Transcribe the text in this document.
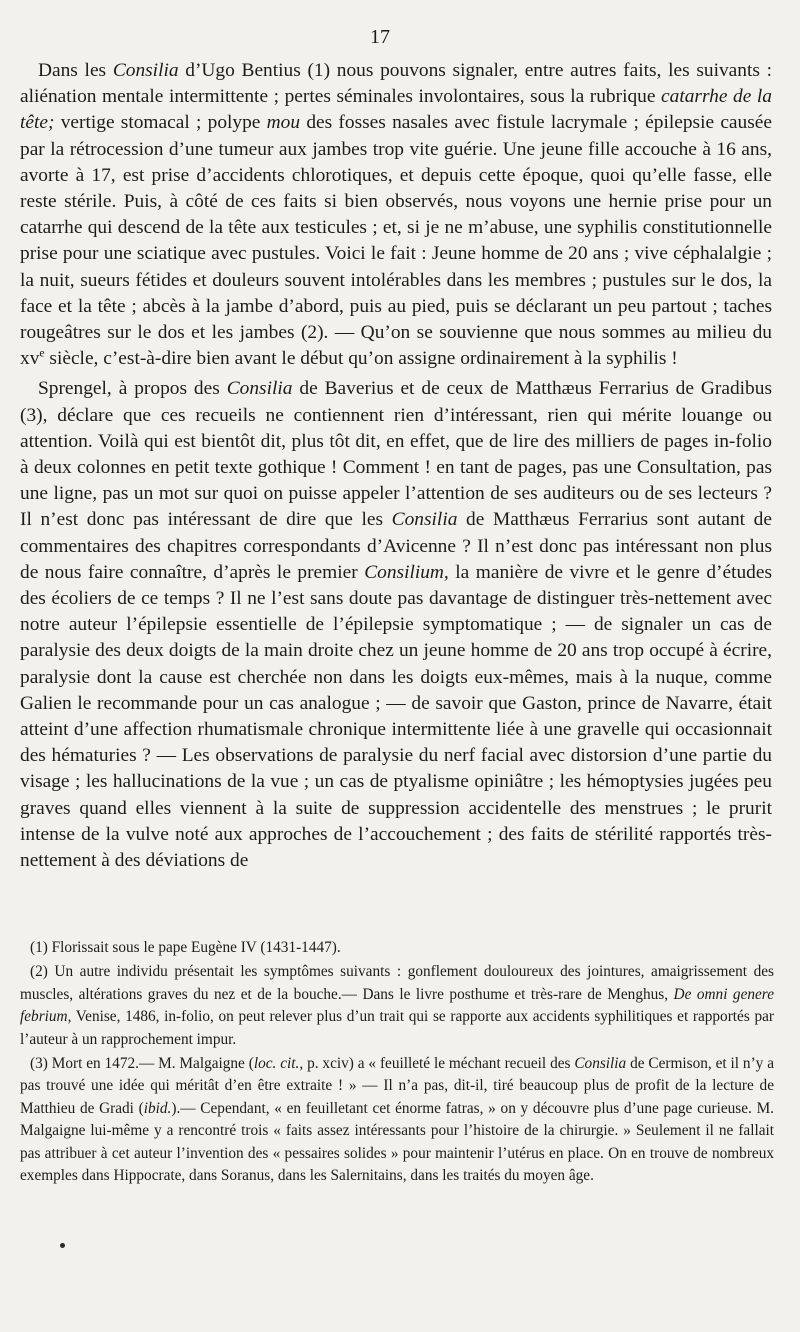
17

Dans les Consilia d’Ugo Bentius (1) nous pouvons signaler, entre autres faits, les suivants : aliénation mentale intermittente ; pertes séminales involontaires, sous la rubrique catarrhe de la tête; vertige stomacal ; polype mou des fosses nasales avec fistule lacrymale ; épilepsie causée par la rétrocession d’une tumeur aux jambes trop vite guérie. Une jeune fille accouche à 16 ans, avorte à 17, est prise d’accidents chlorotiques, et depuis cette époque, quoi qu’elle fasse, elle reste stérile. Puis, à côté de ces faits si bien observés, nous voyons une hernie prise pour un catarrhe qui descend de la tête aux testicules ; et, si je ne m’abuse, une syphilis constitutionnelle prise pour une sciatique avec pustules. Voici le fait : Jeune homme de 20 ans ; vive céphalalgie ; la nuit, sueurs fétides et douleurs souvent intolérables dans les membres ; pustules sur le dos, la face et la tête ; abcès à la jambe d’abord, puis au pied, puis se déclarant un peu partout ; taches rougeâtres sur le dos et les jambes (2). — Qu’on se souvienne que nous sommes au milieu du $xv^e$ siècle, c’est-à-dire bien avant le début qu’on assigne ordinairement à la syphilis !

Sprengel, à propos des Consilia de Baverius et de ceux de Matthæus Ferrarius de Gradibus (3), déclare que ces recueils ne contiennent rien d’intéressant, rien qui mérite louange ou attention. Voilà qui est bientôt dit, plus tôt dit, en effet, que de lire des milliers de pages in-folio à deux colonnes en petit texte gothique ! Comment ! en tant de pages, pas une Consultation, pas une ligne, pas un mot sur quoi on puisse appeler l’attention de ses auditeurs ou de ses lecteurs ? Il n’est donc pas intéressant de dire que les Consilia de Matthæus Ferrarius sont autant de commentaires des chapitres correspondants d’Avicenne ? Il n’est donc pas intéressant non plus de nous faire connaître, d’après le premier Consilium, la manière de vivre et le genre d’études des écoliers de ce temps ? Il ne l’est sans doute pas davantage de distinguer très-nettement avec notre auteur l’épilepsie essentielle de l’épilepsie symptomatique ; — de signaler un cas de paralysie des deux doigts de la main droite chez un jeune homme de 20 ans trop occupé à écrire, paralysie dont la cause est cherchée non dans les doigts eux-mêmes, mais à la nuque, comme Galien le recommande pour un cas analogue ; — de savoir que Gaston, prince de Navarre, était atteint d’une affection rhumatismale chronique intermittente liée à une gravelle qui occasionnait des hématuries ? — Les observations de paralysie du nerf facial avec distorsion d’une partie du visage ; les hallucinations de la vue ; un cas de ptyalisme opiniâtre ; les hémoptysies jugées peu graves quand elles viennent à la suite de suppression accidentelle des menstrues ; le prurit intense de la vulve noté aux approches de l’accouchement ; des faits de stérilité rapportés très-nettement à des déviations de

(1) Florissait sous le pape Eugène IV (1431-1447).

(2) Un autre individu présentait les symptômes suivants : gonflement douloureux des jointures, amaigrissement des muscles, altérations graves du nez et de la bouche.— Dans le livre posthume et très-rare de Menghus, De omni genere febrium, Venise, 1486, in-folio, on peut relever plus d’un trait qui se rapporte aux accidents syphilitiques et rapportés par l’auteur à un rapprochement impur.

(3) Mort en 1472.— M. Malgaigne (loc. cit., p. xciv) a « feuilleté le méchant recueil des Consilia de Cermison, et il n’y a pas trouvé une idée qui méritât d’en être extraite ! » — Il n’a pas, dit-il, tiré beaucoup plus de profit de la lecture de Matthieu de Gradi (ibid.).— Cependant, « en feuilletant cet énorme fatras, » on y découvre plus d’une page curieuse. M. Malgaigne lui-même y a rencontré trois « faits assez intéressants pour l’histoire de la chirurgie. » Seulement il ne fallait pas attribuer à cet auteur l’invention des « pessaires solides » pour maintenir l’utérus en place. On en trouve de nombreux exemples dans Hippocrate, dans Soranus, dans les Salernitains, dans les traités du moyen âge.
